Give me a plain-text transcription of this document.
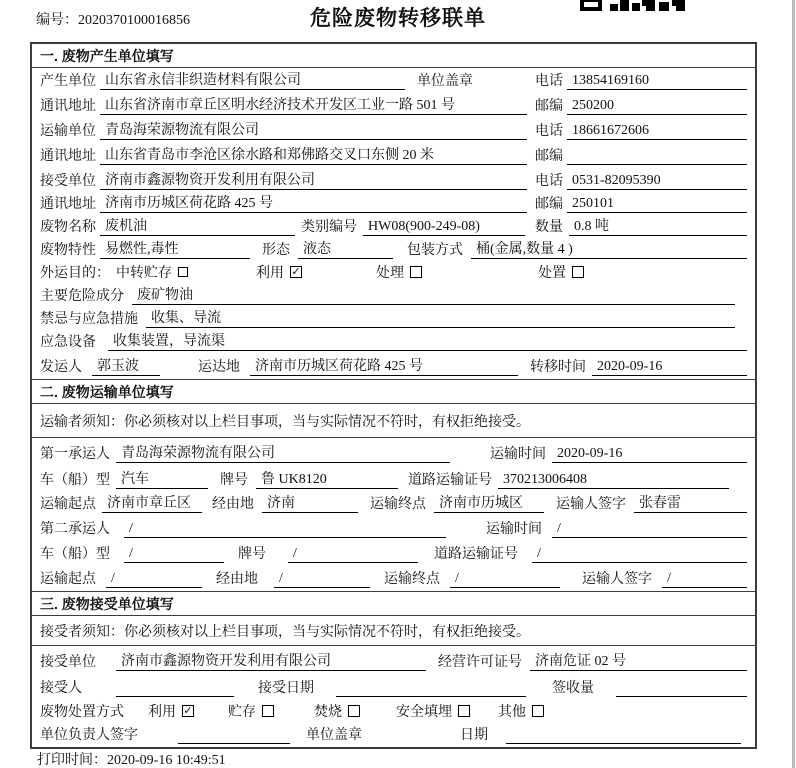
编号：2020370100016856	危险废物转移联单
一. 废物产生单位填写
产生单位 山东省永信非织造材料有限公司	单位盖章	电话 13854169160
通讯地址 山东省济南市章丘区明水经济技术开发区工业一路 501 号	邮编 250200
运输单位 青岛海荣源物流有限公司	电话 18661672606
通讯地址 山东省青岛市李沧区徐水路和郑佛路交叉口东侧 20 米	邮编
接受单位 济南市鑫源物资开发利用有限公司	电话 0531-82095390
通讯地址 济南市历城区荷花路 425 号	邮编 250101
废物名称 废机油	类别编号 HW08(900-249-08)	数量 0.8 吨
废物特性 易燃性,毒性	形态 液态	包装方式 桶(金属,数量 4 )
外运目的： 中转贮存	利用 ✓	处理	处置
主要危险成分 废矿物油
禁忌与应急措施 收集、导流
应急设备	收集装置，导流渠
发运人	郭玉波	运达地	济南市历城区荷花路 425 号	转移时间 2020-09-16
二. 废物运输单位填写
运输者须知：你必须核对以上栏目事项，当与实际情况不符时，有权拒绝接受。
第一承运人 青岛海荣源物流有限公司	运输时间 2020-09-16
车（船）型 汽车	牌号 鲁 UK8120	道路运输证号 370213006408
运输起点 济南市章丘区	经由地 济南	运输终点 济南市历城区	运输人签字 张春雷
第二承运人	/	运输时间	/
车（船）型	/	牌号	/	道路运输证号	/
运输起点	/	经由地	/	运输终点	/	运输人签字	/
三. 废物接受单位填写
接受者须知：你必须核对以上栏目事项，当与实际情况不符时，有权拒绝接受。
接受单位	济南市鑫源物资开发利用有限公司	经营许可证号 济南危证 02 号
接受人	接受日期	签收量
废物处置方式 利用 ✓	贮存	焚烧	安全填埋	其他
单位负责人签字	单位盖章	日期
打印时间：2020-09-16 10:49:51
